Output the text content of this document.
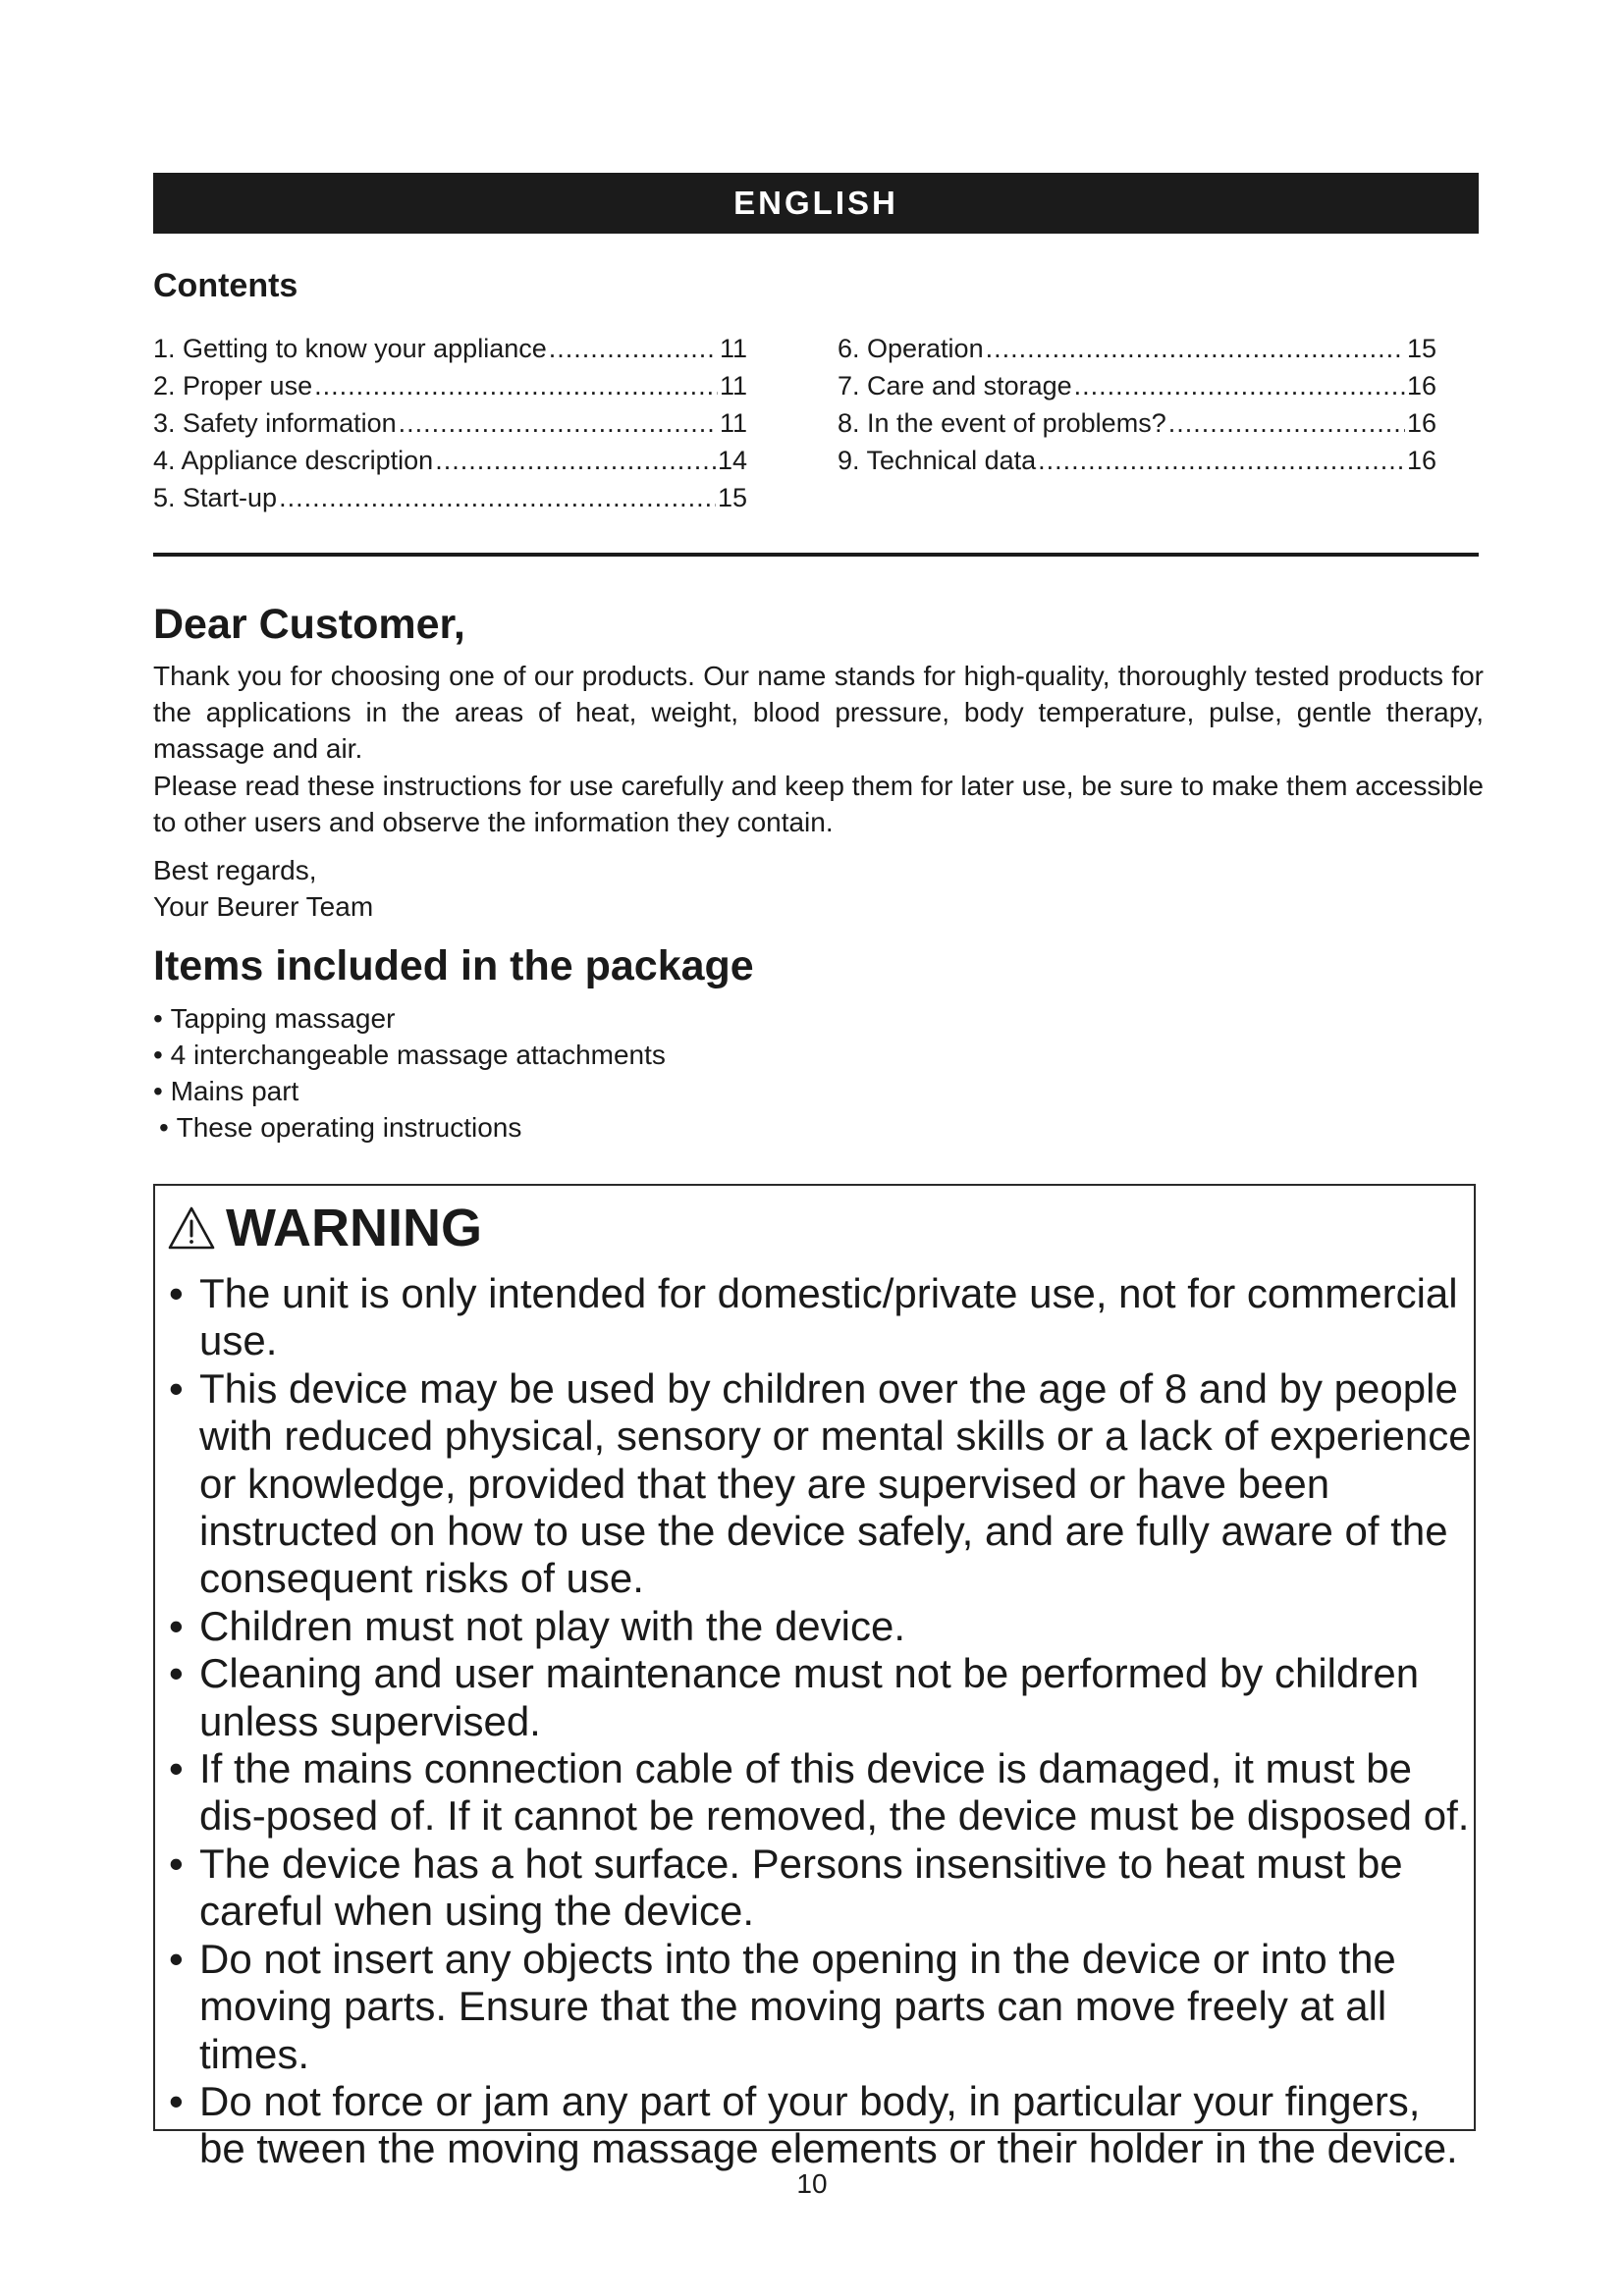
ENGLISH
Contents
1. Getting to know your appliance .....	11
2. Proper use .....	11
3. Safety information .....	11
4. Appliance description .....	14
5. Start-up .....	15
6. Operation .....	15
7. Care and storage .....	16
8. In the event of problems? .....	16
9. Technical data .....	16
Dear Customer,
Thank you for choosing one of our products. Our name stands for high-quality, thoroughly tested products for the applications in the areas of heat, weight, blood pressure, body temperature, pulse, gentle therapy, massage and air.
Please read these instructions for use carefully and keep them for later use, be sure to make them accessible to other users and observe the information they contain.
Best regards,
Your Beurer Team
Items included in the package
• Tapping massager
• 4 interchangeable massage attachments
• Mains part
• These operating instructions
WARNING
• The unit is only intended for domestic/private use, not for commercial use.
• This device may be used by children over the age of 8 and by people with reduced physical, sensory or mental skills or a lack of experience or knowledge, provided that they are supervised or have been instructed on how to use the device safely, and are fully aware of the consequent risks of use.
• Children must not play with the device.
• Cleaning and user maintenance must not be performed by children unless supervised.
• If the mains connection cable of this device is damaged, it must be dis-posed of. If it cannot be removed, the device must be disposed of.
• The device has a hot surface. Persons insensitive to heat must be careful when using the device.
• Do not insert any objects into the opening in the device or into the moving parts. Ensure that the moving parts can move freely at all times.
• Do not force or jam any part of your body, in particular your fingers, be tween the moving massage elements or their holder in the device.
10
